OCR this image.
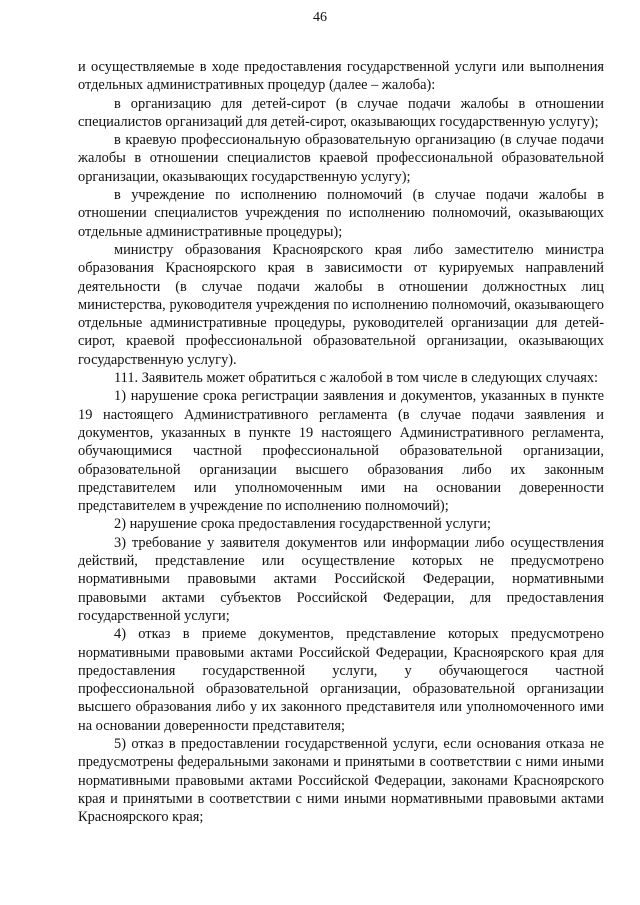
46

и осуществляемые в ходе предоставления государственной услуги или выполнения отдельных административных процедур (далее – жалоба):

в организацию для детей-сирот (в случае подачи жалобы в отношении специалистов организаций для детей-сирот, оказывающих государственную услугу);

в краевую профессиональную образовательную организацию (в случае подачи жалобы в отношении специалистов краевой профессиональной образовательной организации, оказывающих государственную услугу);

в учреждение по исполнению полномочий (в случае подачи жалобы в отношении специалистов учреждения по исполнению полномочий, оказывающих отдельные административные процедуры);

министру образования Красноярского края либо заместителю министра образования Красноярского края в зависимости от курируемых направлений деятельности (в случае подачи жалобы в отношении должностных лиц министерства, руководителя учреждения по исполнению полномочий, оказывающего отдельные административные процедуры, руководителей организации для детей-сирот, краевой профессиональной образовательной организации, оказывающих государственную услугу).

111. Заявитель может обратиться с жалобой в том числе в следующих случаях:

1) нарушение срока регистрации заявления и документов, указанных в пункте 19 настоящего Административного регламента (в случае подачи заявления и документов, указанных в пункте 19 настоящего Административного регламента, обучающимися частной профессиональной образовательной организации, образовательной организации высшего образования либо их законным представителем или уполномоченным ими на основании доверенности представителем в учреждение по исполнению полномочий);

2) нарушение срока предоставления государственной услуги;

3) требование у заявителя документов или информации либо осуществления действий, представление или осуществление которых не предусмотрено нормативными правовыми актами Российской Федерации, нормативными правовыми актами субъектов Российской Федерации, для предоставления государственной услуги;

4) отказ в приеме документов, представление которых предусмотрено нормативными правовыми актами Российской Федерации, Красноярского края для предоставления государственной услуги, у обучающегося частной профессиональной образовательной организации, образовательной организации высшего образования либо у их законного представителя или уполномоченного ими на основании доверенности представителя;

5) отказ в предоставлении государственной услуги, если основания отказа не предусмотрены федеральными законами и принятыми в соответствии с ними иными нормативными правовыми актами Российской Федерации, законами Красноярского края и принятыми в соответствии с ними иными нормативными правовыми актами Красноярского края;
